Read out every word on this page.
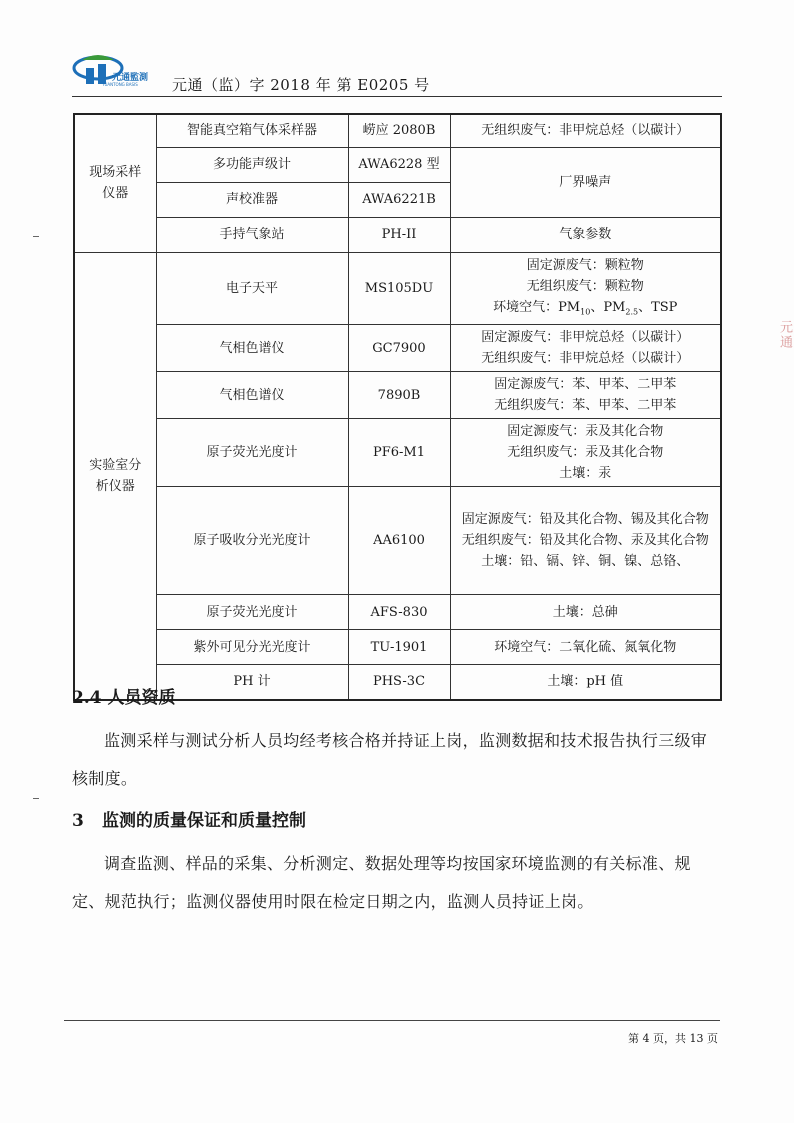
元通監測
YUANTONG BASIS 元通（监）字 2018 年 第 E0205 号
现场采样仪器	智能真空箱气体采样器	崂应 2080B	无组织废气：非甲烷总烃（以碳计）
	多功能声级计	AWA6228 型	厂界噪声
	声校准器	AWA6221B	
	手持气象站	PH-II	气象参数
实验室分析仪器	电子天平	MS105DU	固定源废气：颗粒物
无组织废气：颗粒物
环境空气：$PM_{10}$、$PM_{2.5}$、TSP

	气相色谱仪	GC7900	固定源废气：非甲烷总烃（以碳计）
无组织废气：非甲烷总烃（以碳计）

	气相色谱仪	7890B	固定源废气：苯、甲苯、二甲苯
无组织废气：苯、甲苯、二甲苯

	原子荧光光度计	PF6-M1	固定源废气：汞及其化合物
无组织废气：汞及其化合物
土壤：汞

	原子吸收分光光度计	AA6100	固定源废气：铅及其化合物、锡及其化合物
无组织废气：铅及其化合物、汞及其化合物
土壤：铅、镉、锌、铜、镍、总铬、

	原子荧光光度计	AFS-830	土壤：总砷
	紫外可见分光光度计	TU-1901	环境空气：二氧化硫、氮氧化物
	PH 计	PHS-3C	土壤：pH 值
2.4 人员资质
监测采样与测试分析人员均经考核合格并持证上岗，监测数据和技术报告执行三级审核制度。
3 监测的质量保证和质量控制
调查监测、样品的采集、分析测定、数据处理等均按国家环境监测的有关标准、规定、规范执行；监测仪器使用时限在检定日期之内，监测人员持证上岗。
第 4 页，共 13 页
元通
